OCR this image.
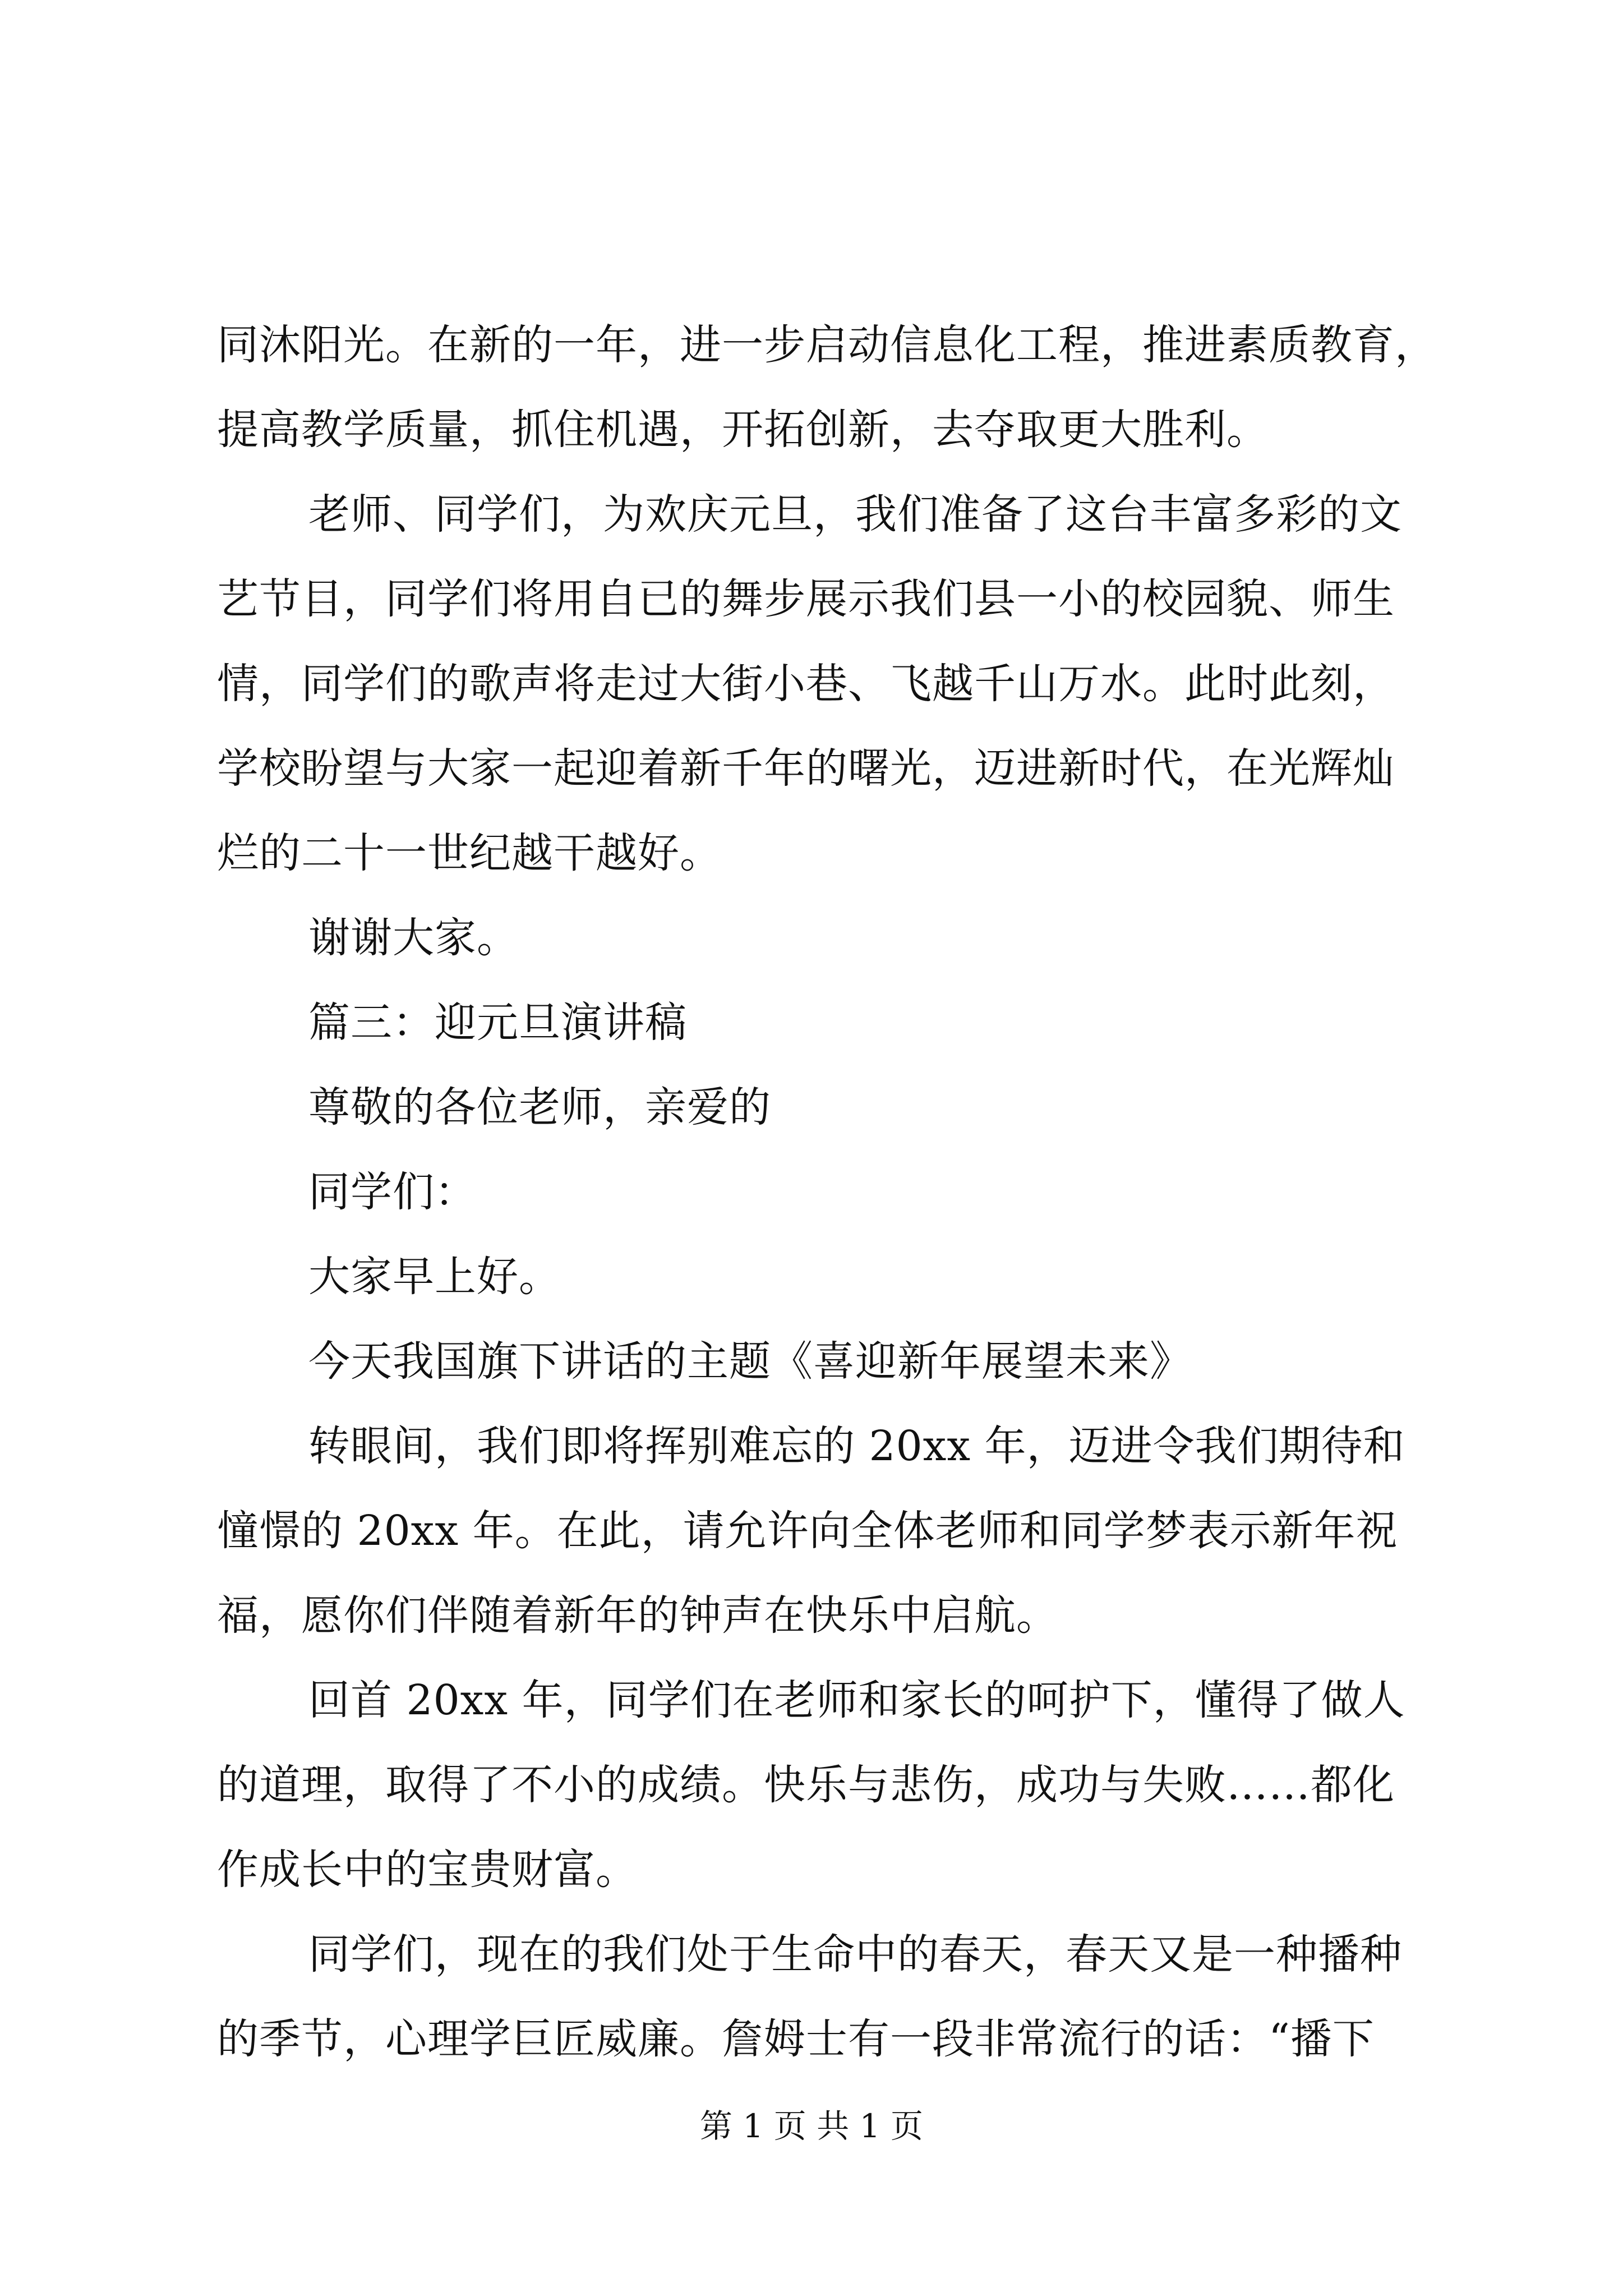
同沐阳光。在新的一年，进一步启动信息化工程，推进素质教育，
提高教学质量，抓住机遇，开拓创新，去夺取更大胜利。
老师、同学们，为欢庆元旦，我们准备了这台丰富多彩的文
艺节目，同学们将用自已的舞步展示我们县一小的校园貌、师生
情，同学们的歌声将走过大街小巷、飞越千山万水。此时此刻，
学校盼望与大家一起迎着新千年的曙光，迈进新时代，在光辉灿
烂的二十一世纪越干越好。
谢谢大家。
篇三：迎元旦演讲稿
尊敬的各位老师，亲爱的
同学们：
大家早上好。
今天我国旗下讲话的主题《喜迎新年展望未来》
转眼间，我们即将挥别难忘的 20xx 年，迈进令我们期待和
憧憬的 20xx 年。在此，请允许向全体老师和同学梦表示新年祝
福，愿你们伴随着新年的钟声在快乐中启航。
回首 20xx 年，同学们在老师和家长的呵护下，懂得了做人
的道理，取得了不小的成绩。快乐与悲伤，成功与失败……都化
作成长中的宝贵财富。
同学们，现在的我们处于生命中的春天，春天又是一种播种
的季节，心理学巨匠威廉。詹姆士有一段非常流行的话：“播下
第 1 页 共 1 页
